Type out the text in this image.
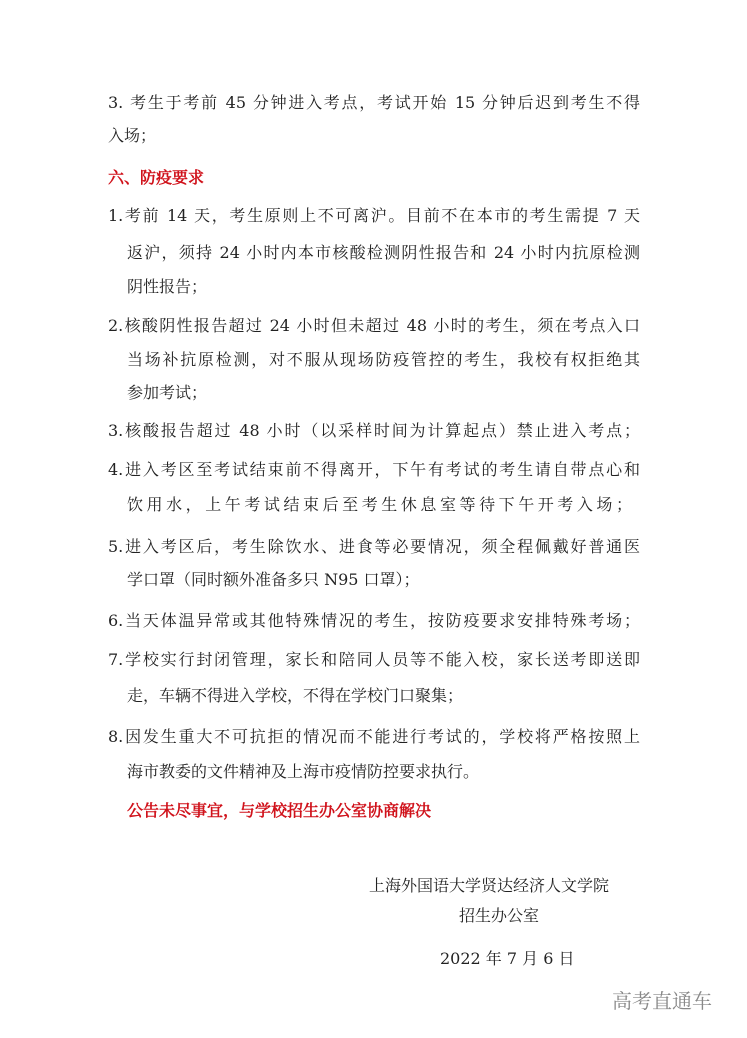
3. 考生于考前 45 分钟进入考点，考试开始 15 分钟后迟到考生不得
入场；
六、防疫要求
1.考前 14 天，考生原则上不可离沪。目前不在本市的考生需提 7 天
返沪，须持 24 小时内本市核酸检测阴性报告和 24 小时内抗原检测
阴性报告；
2.核酸阴性报告超过 24 小时但未超过 48 小时的考生，须在考点入口
当场补抗原检测，对不服从现场防疫管控的考生，我校有权拒绝其
参加考试；
3.核酸报告超过 48 小时（以采样时间为计算起点）禁止进入考点；
4.进入考区至考试结束前不得离开，下午有考试的考生请自带点心和
饮用水，上午考试结束后至考生休息室等待下午开考入场；
5.进入考区后，考生除饮水、进食等必要情况，须全程佩戴好普通医
学口罩（同时额外准备多只 N95 口罩）；
6.当天体温异常或其他特殊情况的考生，按防疫要求安排特殊考场；
7.学校实行封闭管理，家长和陪同人员等不能入校，家长送考即送即
走，车辆不得进入学校，不得在学校门口聚集；
8.因发生重大不可抗拒的情况而不能进行考试的，学校将严格按照上
海市教委的文件精神及上海市疫情防控要求执行。
公告未尽事宜，与学校招生办公室协商解决
上海外国语大学贤达经济人文学院
招生办公室
2022 年 7 月 6 日
高考直通车
